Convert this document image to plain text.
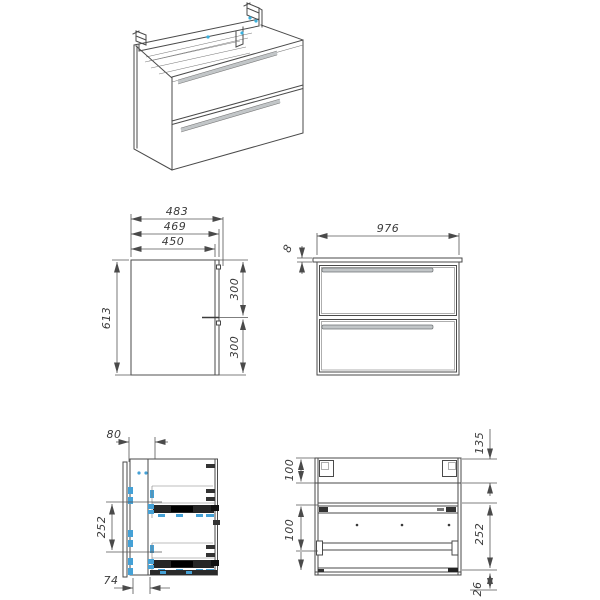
483
469
450
613
300
300
976
8
80
252
74
135
252
26
100
100
